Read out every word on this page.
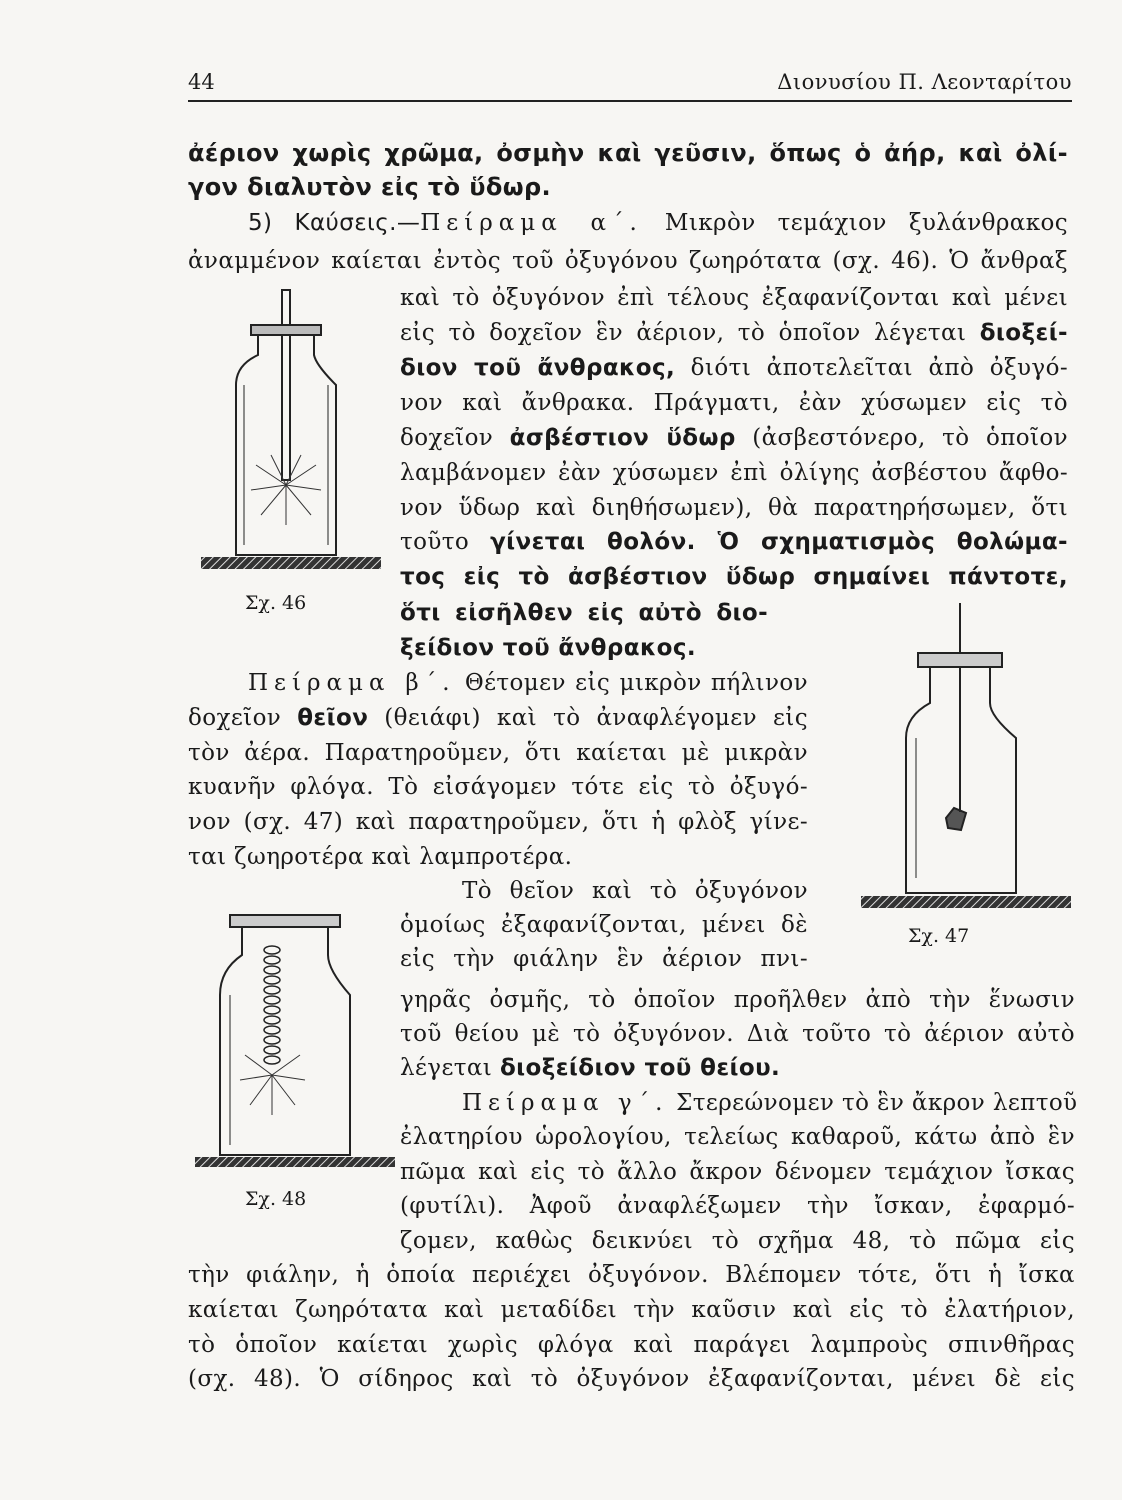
44	Διονυσίου Π. Λεονταρίτου
ἀέριον χωρὶς χρῶμα, ὀσμὴν καὶ γεῦσιν, ὅπως ὁ ἀήρ, καὶ ὀλί-
γον διαλυτὸν εἰς τὸ ὕδωρ.
5) Καύσεις.—Πείραμα α΄. Μικρὸν τεμάχιον ξυλάνθρακος
ἀναμμένον καίεται ἐντὸς τοῦ ὀξυγόνου ζωηρότατα (σχ. 46). Ὁ ἄνθραξ
καὶ τὸ ὀξυγόνον ἐπὶ τέλους ἐξαφανίζονται καὶ μένει
εἰς τὸ δοχεῖον ἓν ἀέριον, τὸ ὁποῖον λέγεται διοξεί-
διον τοῦ ἄνθρακος, διότι ἀποτελεῖται ἀπὸ ὀξυγό-
νον καὶ ἄνθρακα. Πράγματι, ἐὰν χύσωμεν εἰς τὸ
δοχεῖον ἀσβέστιον ὕδωρ (ἀσβεστόνερο, τὸ ὁποῖον
λαμβάνομεν ἐὰν χύσωμεν ἐπὶ ὀλίγης ἀσβέστου ἄφθο-
νον ὕδωρ καὶ διηθήσωμεν), θὰ παρατηρήσωμεν, ὅτι
τοῦτο γίνεται θολόν. Ὁ σχηματισμὸς θολώμα-
τος εἰς τὸ ἀσβέστιον ὕδωρ σημαίνει πάντοτε,
ὅτι εἰσῆλθεν εἰς αὐτὸ διο-
ξείδιον τοῦ ἄνθρακος.
Πείραμα β΄. Θέτομεν εἰς μικρὸν πήλινον
δοχεῖον θεῖον (θειάφι) καὶ τὸ ἀναφλέγομεν εἰς
τὸν ἀέρα. Παρατηροῦμεν, ὅτι καίεται μὲ μικρὰν
κυανῆν φλόγα. Τὸ εἰσάγομεν τότε εἰς τὸ ὀξυγό-
νον (σχ. 47) καὶ παρατηροῦμεν, ὅτι ἡ φλὸξ γίνε-
ται ζωηροτέρα καὶ λαμπροτέρα.
Τὸ θεῖον καὶ τὸ ὀξυγόνον
ὁμοίως ἐξαφανίζονται, μένει δὲ
εἰς τὴν φιάλην ἓν ἀέριον πνι-
γηρᾶς ὀσμῆς, τὸ ὁποῖον προῆλθεν ἀπὸ τὴν ἕνωσιν
τοῦ θείου μὲ τὸ ὀξυγόνον. Διὰ τοῦτο τὸ ἀέριον αὐτὸ
λέγεται διοξείδιον τοῦ θείου.
Πείραμα γ΄. Στερεώνομεν τὸ ἓν ἄκρον λεπτοῦ
ἐλατηρίου ὡρολογίου, τελείως καθαροῦ, κάτω ἀπὸ ἓν
πῶμα καὶ εἰς τὸ ἄλλο ἄκρον δένομεν τεμάχιον ἴσκας
(φυτίλι). Ἀφοῦ ἀναφλέξωμεν τὴν ἴσκαν, ἐφαρμό-
ζομεν, καθὼς δεικνύει τὸ σχῆμα 48, τὸ πῶμα εἰς
τὴν φιάλην, ἡ ὁποία περιέχει ὀξυγόνον. Βλέπομεν τότε, ὅτι ἡ ἴσκα
καίεται ζωηρότατα καὶ μεταδίδει τὴν καῦσιν καὶ εἰς τὸ ἐλατήριον,
τὸ ὁποῖον καίεται χωρὶς φλόγα καὶ παράγει λαμπροὺς σπινθῆρας
(σχ. 48). Ὁ σίδηρος καὶ τὸ ὀξυγόνον ἐξαφανίζονται, μένει δὲ εἰς
Σχ. 46
Σχ. 47
Σχ. 48
